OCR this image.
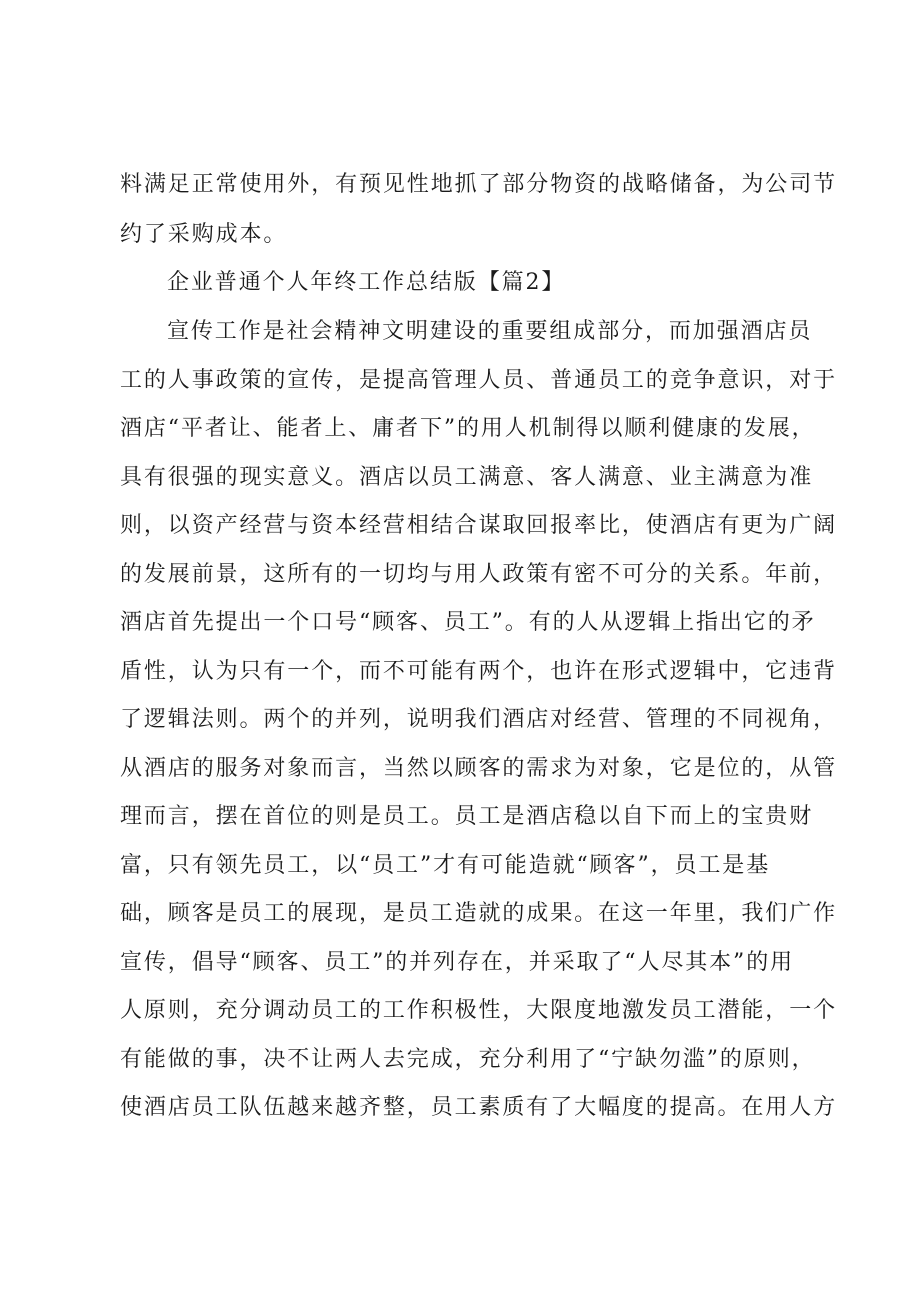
料满足正常使用外，有预见性地抓了部分物资的战略储备，为公司节
约了采购成本。
企业普通个人年终工作总结版【篇2】
宣传工作是社会精神文明建设的重要组成部分，而加强酒店员
工的人事政策的宣传，是提高管理人员、普通员工的竞争意识，对于
酒店“平者让、能者上、庸者下”的用人机制得以顺利健康的发展，
具有很强的现实意义。酒店以员工满意、客人满意、业主满意为准
则，以资产经营与资本经营相结合谋取回报率比，使酒店有更为广阔
的发展前景，这所有的一切均与用人政策有密不可分的关系。年前，
酒店首先提出一个口号“顾客、员工”。有的人从逻辑上指出它的矛
盾性，认为只有一个，而不可能有两个，也许在形式逻辑中，它违背
了逻辑法则。两个的并列，说明我们酒店对经营、管理的不同视角，
从酒店的服务对象而言，当然以顾客的需求为对象，它是位的，从管
理而言，摆在首位的则是员工。员工是酒店稳以自下而上的宝贵财
富，只有领先员工，以“员工”才有可能造就“顾客”，员工是基
础，顾客是员工的展现，是员工造就的成果。在这一年里，我们广作
宣传，倡导“顾客、员工”的并列存在，并采取了“人尽其本”的用
人原则，充分调动员工的工作积极性，大限度地激发员工潜能，一个
有能做的事，决不让两人去完成，充分利用了“宁缺勿滥”的原则，
使酒店员工队伍越来越齐整，员工素质有了大幅度的提高。在用人方
